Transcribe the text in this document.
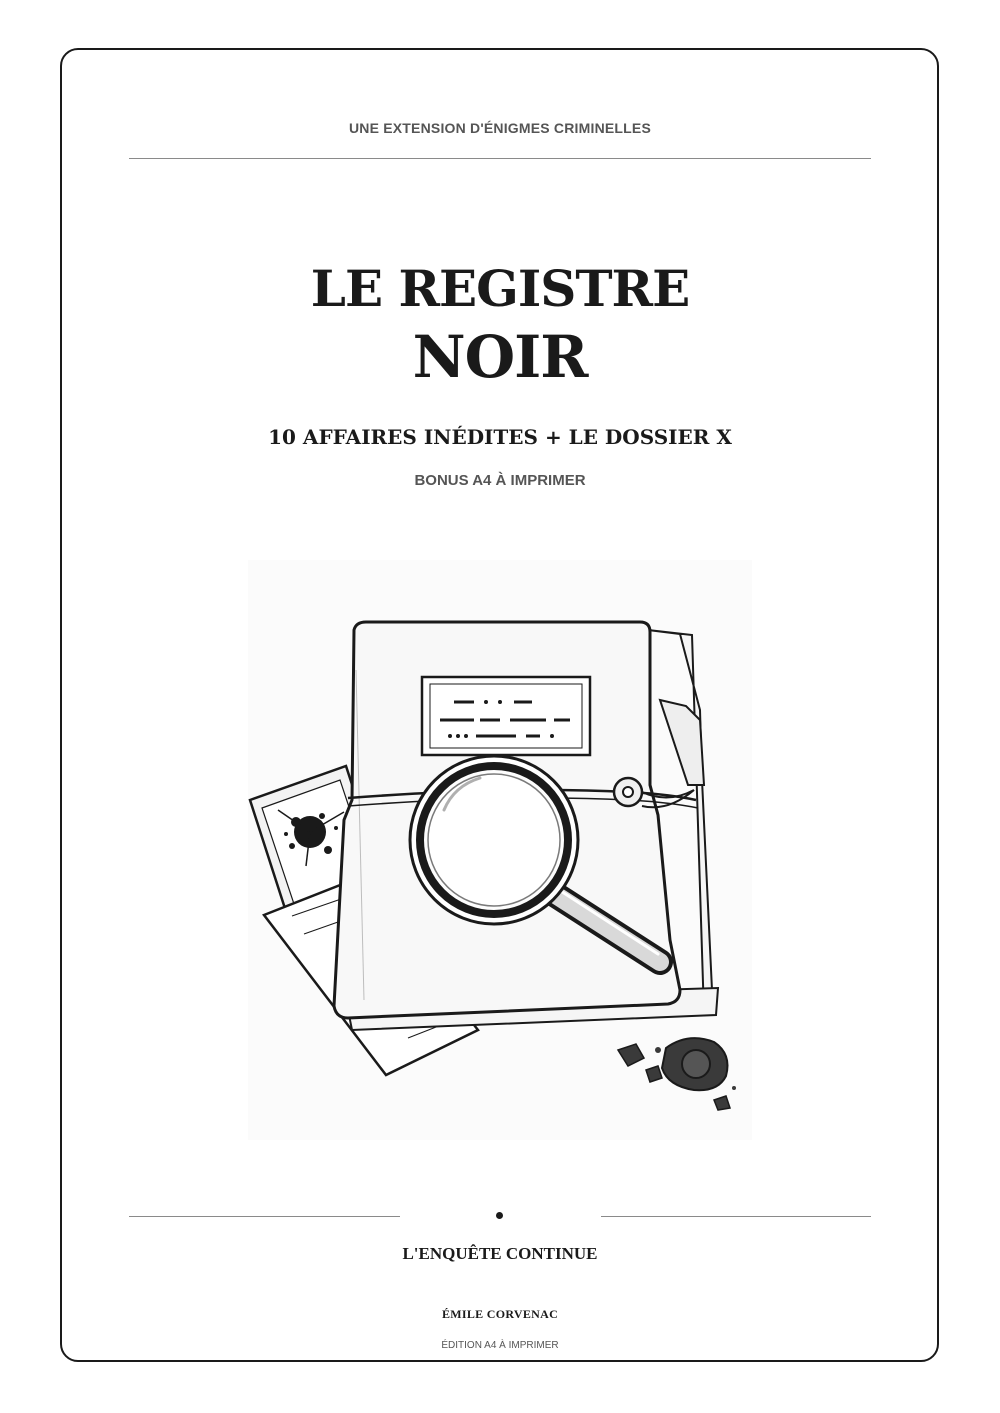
UNE EXTENSION D'ÉNIGMES CRIMINELLES
LE REGISTRE
NOIR
10 AFFAIRES INÉDITES + LE DOSSIER X
BONUS A4 À IMPRIMER
L'ENQUÊTE CONTINUE
ÉMILE CORVENAC
ÉDITION A4 À IMPRIMER
